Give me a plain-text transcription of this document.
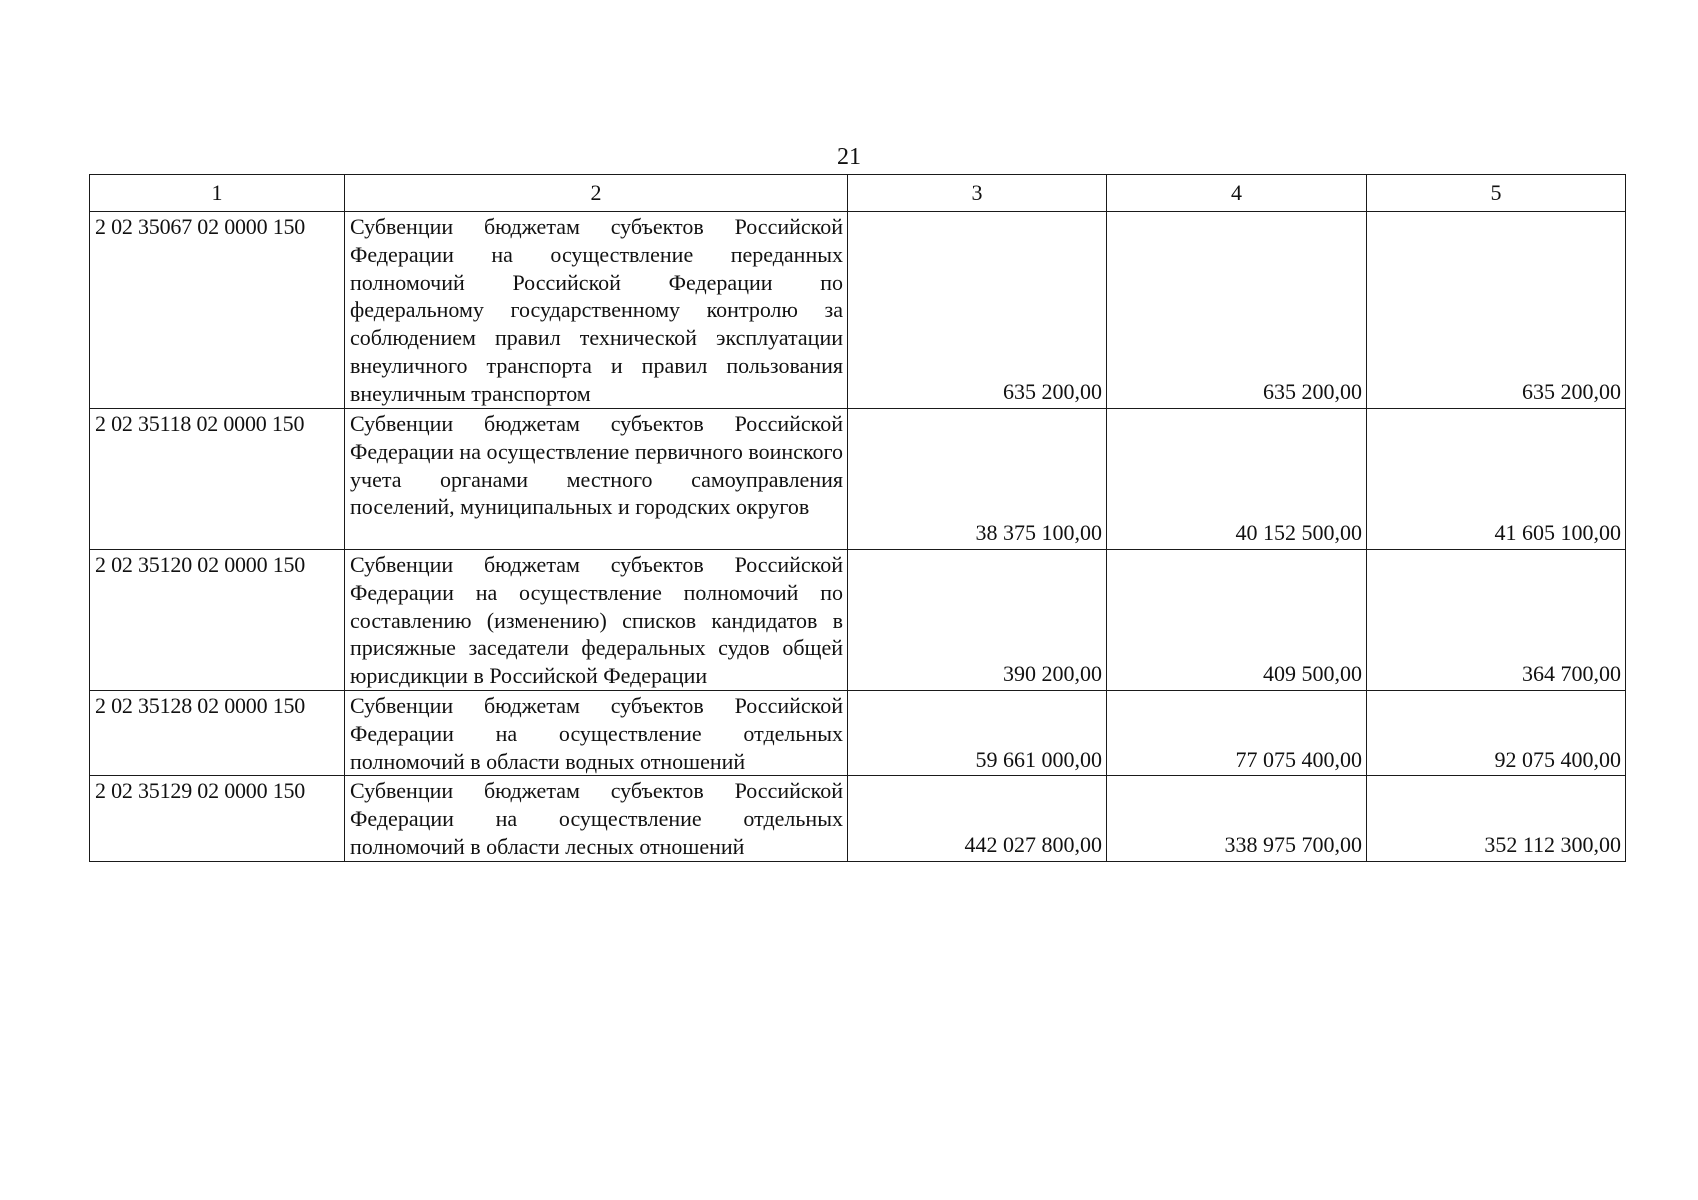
21
1	2	3	4	5
2 02 35067 02 0000 150	Субвенции бюджетам субъектов Российской Федерации на осуществление переданных полномочий Российской Федерации по федеральному государственному контролю за соблюдением правил технической эксплуатации внеуличного транспорта и правил пользования внеуличным транспортом	635 200,00	635 200,00	635 200,00
2 02 35118 02 0000 150	Субвенции бюджетам субъектов Российской Федерации на осуществление первичного воинского учета органами местного самоуправления поселений, муниципальных и городских округов	38 375 100,00	40 152 500,00	41 605 100,00
2 02 35120 02 0000 150	Субвенции бюджетам субъектов Российской Федерации на осуществление полномочий по составлению (изменению) списков кандидатов в присяжные заседатели федеральных судов общей юрисдикции в Российской Федерации	390 200,00	409 500,00	364 700,00
2 02 35128 02 0000 150	Субвенции бюджетам субъектов Российской Федерации на осуществление отдельных полномочий в области водных отношений	59 661 000,00	77 075 400,00	92 075 400,00
2 02 35129 02 0000 150	Субвенции бюджетам субъектов Российской Федерации на осуществление отдельных полномочий в области лесных отношений	442 027 800,00	338 975 700,00	352 112 300,00
